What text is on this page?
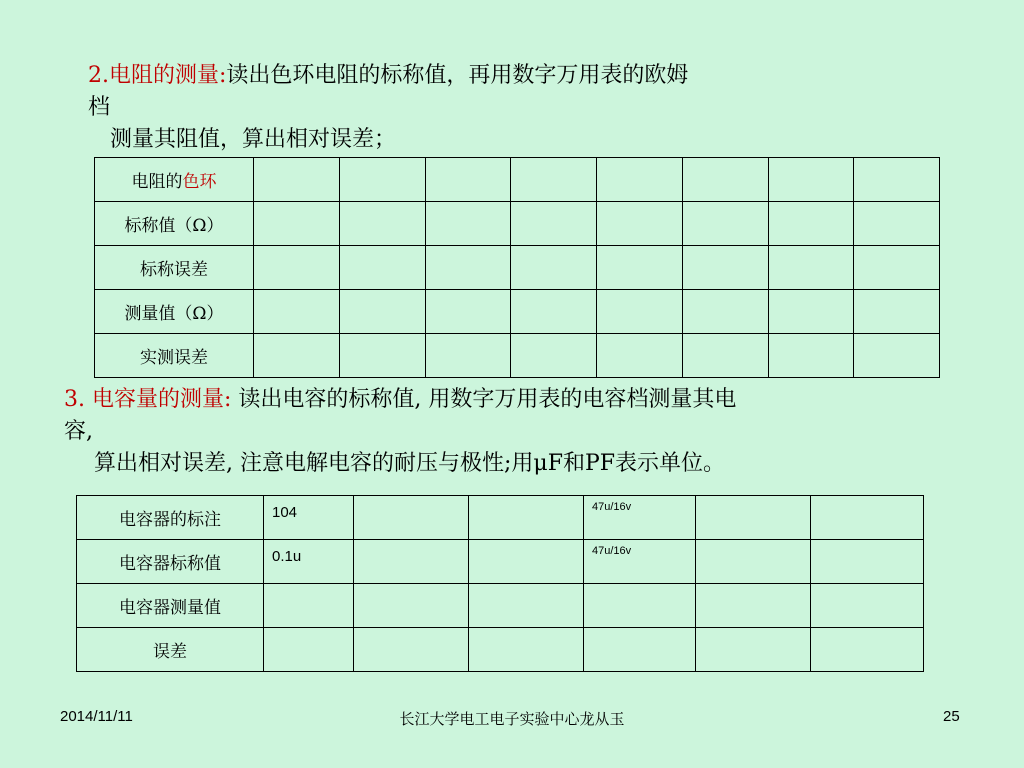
2.电阻的测量:读出色环电阻的标称值，再用数字万用表的欧姆
档
测量其阻值，算出相对误差；
电阻的色环								
标称值（Ω）								
标称误差								
测量值（Ω）								
实测误差								
3. 电容量的测量: 读出电容的标称值, 用数字万用表的电容档测量其电
容,
算出相对误差, 注意电解电容的耐压与极性;用μF和PF表示单位。
电容器的标注	104			47u/16v		
电容器标称值	0.1u			47u/16v		
电容器测量值						
误差						
2014/11/11	长江大学电工电子实验中心龙从玉	25
